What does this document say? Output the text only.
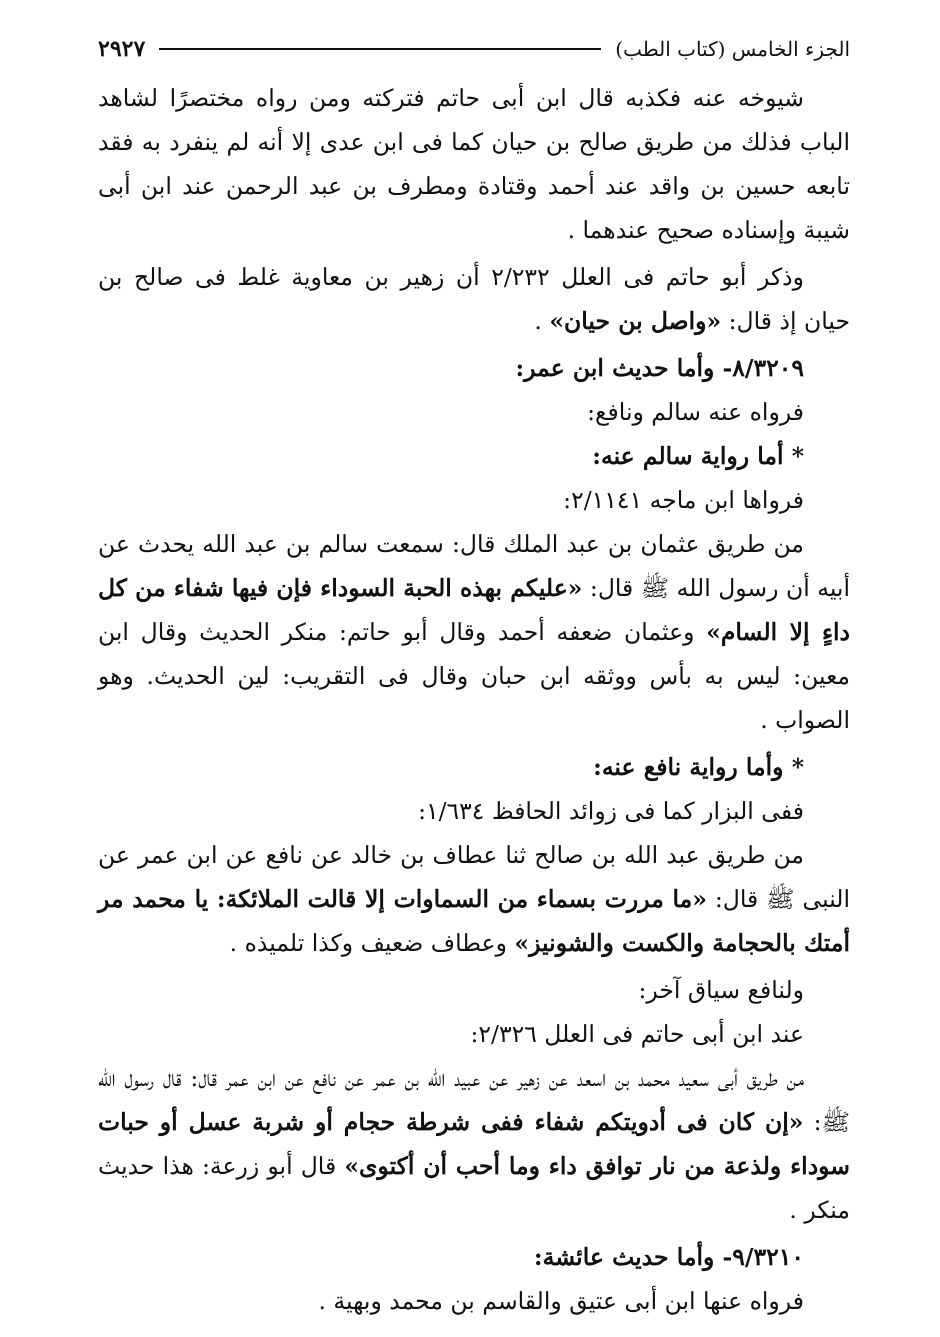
الجزء الخامس (كتاب الطب)
٢٩٢٧

شيوخه عنه فكذبه قال ابن أبى حاتم فتركته ومن رواه مختصرًا لشاهد الباب فذلك من طريق صالح بن حيان كما فى ابن عدى إلا أنه لم ينفرد به فقد تابعه حسين بن واقد عند أحمد وقتادة ومطرف بن عبد الرحمن عند ابن أبى شيبة وإسناده صحيح عندهما .

وذكر أبو حاتم فى العلل ٢/٢٣٢ أن زهير بن معاوية غلط فى صالح بن حيان إذ قال: «واصل بن حيان» .

٨/٣٢٠٩- وأما حديث ابن عمر:

فرواه عنه سالم ونافع:

* أما رواية سالم عنه:

فرواها ابن ماجه ٢/١١٤١:

من طريق عثمان بن عبد الملك قال: سمعت سالم بن عبد الله يحدث عن أبيه أن رسول الله ﷺ قال: «عليكم بهذه الحبة السوداء فإن فيها شفاء من كل داءٍ إلا السام» وعثمان ضعفه أحمد وقال أبو حاتم: منكر الحديث وقال ابن معين: ليس به بأس ووثقه ابن حبان وقال فى التقريب: لين الحديث. وهو الصواب .

* وأما رواية نافع عنه:

ففى البزار كما فى زوائد الحافظ ١/٦٣٤:

من طريق عبد الله بن صالح ثنا عطاف بن خالد عن نافع عن ابن عمر عن النبى ﷺ قال: «ما مررت بسماء من السماوات إلا قالت الملائكة: يا محمد مر أمتك بالحجامة والكست والشونيز» وعطاف ضعيف وكذا تلميذه .

ولنافع سياق آخر:

عند ابن أبى حاتم فى العلل ٢/٣٢٦:

من طريق أبى سعيد محمد بن اسعد عن زهير عن عبيد الله بن عمر عن نافع عن ابن عمر قال: قال رسول الله ﷺ: «إن كان فى أدويتكم شفاء ففى شرطة حجام أو شربة عسل أو حبات سوداء ولذعة من نار توافق داء وما أحب أن أكتوى» قال أبو زرعة: هذا حديث منكر .

٩/٣٢١٠- وأما حديث عائشة:

فرواه عنها ابن أبى عتيق والقاسم بن محمد وبهية .
